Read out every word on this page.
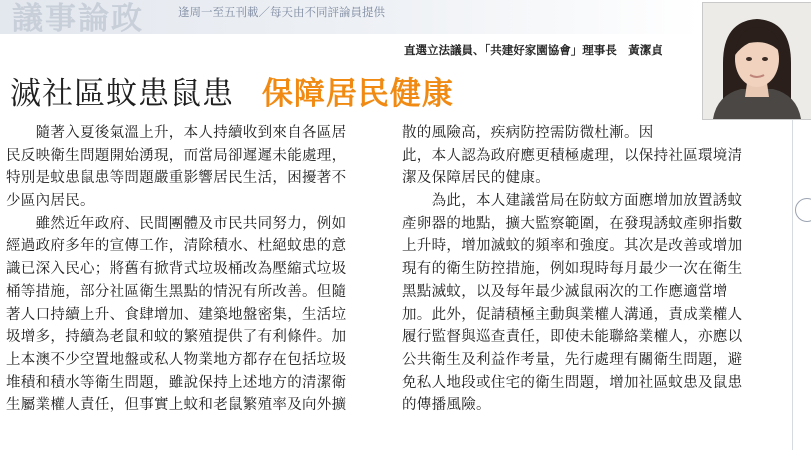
議事論政	逢周一至五刊載／每天由不同評論員提供
直選立法議員、「共建好家園協會」理事長　黃潔貞
滅社區蚊患鼠患 保障居民健康
　　隨著入夏後氣溫上升，本人持續收到來自各區居
民反映衛生問題開始湧現，而當局卻遲遲未能處理，
特別是蚊患鼠患等問題嚴重影響居民生活，困擾著不
少區內居民。
　　雖然近年政府、民間團體及市民共同努力，例如
經過政府多年的宣傳工作，清除積水、杜絕蚊患的意
識已深入民心；將舊有掀背式垃圾桶改為壓縮式垃圾
桶等措施，部分社區衛生黑點的情況有所改善。但隨
著人口持續上升、食肆增加、建築地盤密集，生活垃
圾增多，持續為老鼠和蚊的繁殖提供了有利條件。加
上本澳不少空置地盤或私人物業地方都存在包括垃圾
堆積和積水等衛生問題，雖說保持上述地方的清潔衛
生屬業權人責任，但事實上蚊和老鼠繁殖率及向外擴
散的風險高，疾病防控需防微杜漸。因
此，本人認為政府應更積極處理，以保持社區環境清
潔及保障居民的健康。
　　為此，本人建議當局在防蚊方面應增加放置誘蚊
產卵器的地點，擴大監察範圍，在發現誘蚊產卵指數
上升時，增加滅蚊的頻率和強度。其次是改善或增加
現有的衛生防控措施，例如現時每月最少一次在衛生
黑點滅蚊，以及每年最少滅鼠兩次的工作應適當增
加。此外，促請積極主動與業權人溝通，責成業權人
履行監督與巡查責任，即使未能聯絡業權人，亦應以
公共衛生及利益作考量，先行處理有關衛生問題，避
免私人地段或住宅的衛生問題，增加社區蚊患及鼠患
的傳播風險。
